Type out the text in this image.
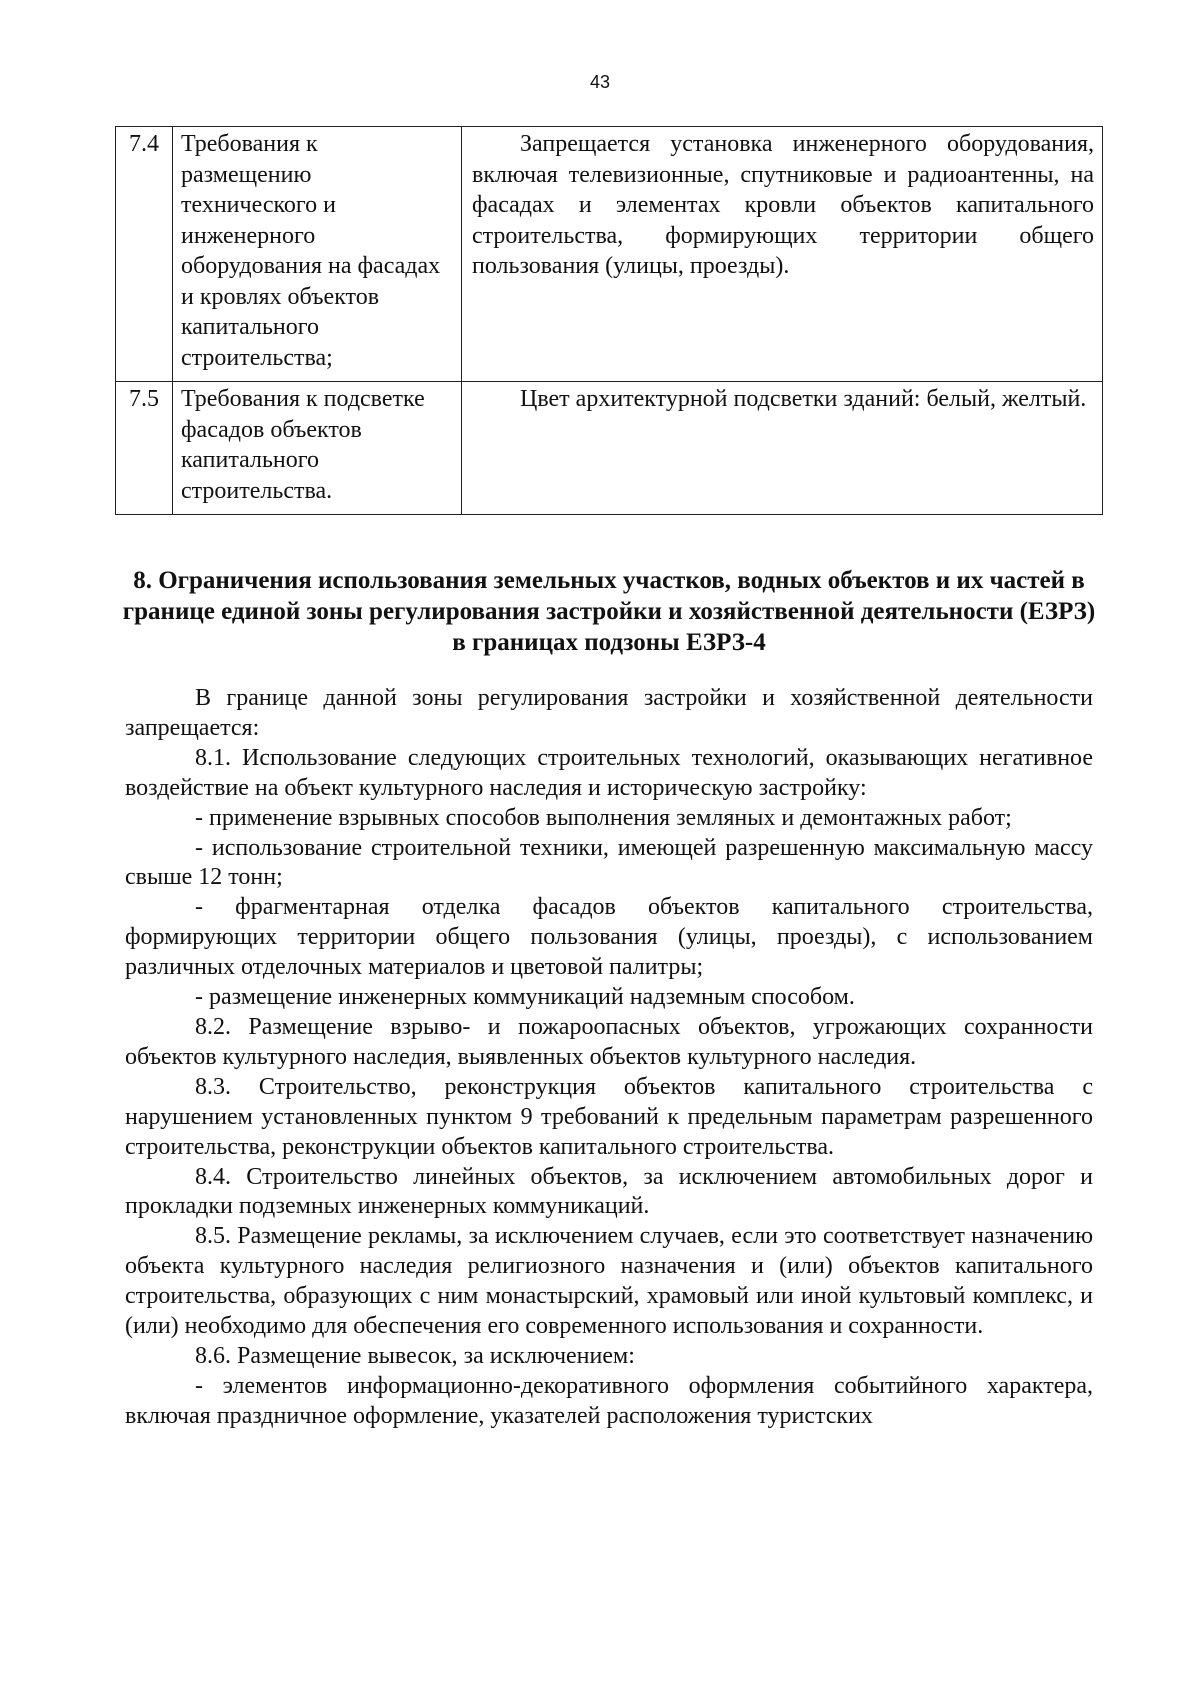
43
7.4	Требования к размещению технического и инженерного оборудования на фасадах и кровлях объектов капитального строительства;	Запрещается установка инженерного оборудования, включая телевизионные, спутниковые и радиоантенны, на фасадах и элементах кровли объектов капитального строительства, формирующих территории общего пользования (улицы, проезды).
7.5	Требования к подсветке фасадов объектов капитального строительства.	Цвет архитектурной подсветки зданий: белый, желтый.
8. Ограничения использования земельных участков, водных объектов и их частей в границе единой зоны регулирования застройки и хозяйственной деятельности (ЕЗРЗ) в границах подзоны ЕЗРЗ-4

В границе данной зоны регулирования застройки и хозяйственной деятельности запрещается:

8.1. Использование следующих строительных технологий, оказывающих негативное воздействие на объект культурного наследия и историческую застройку:

- применение взрывных способов выполнения земляных и демонтажных работ;

- использование строительной техники, имеющей разрешенную максимальную массу свыше 12 тонн;

- фрагментарная отделка фасадов объектов капитального строительства, формирующих территории общего пользования (улицы, проезды), с использованием различных отделочных материалов и цветовой палитры;

- размещение инженерных коммуникаций надземным способом.

8.2. Размещение взрыво- и пожароопасных объектов, угрожающих сохранности объектов культурного наследия, выявленных объектов культурного наследия.

8.3. Строительство, реконструкция объектов капитального строительства с нарушением установленных пунктом 9 требований к предельным параметрам разрешенного строительства, реконструкции объектов капитального строительства.

8.4. Строительство линейных объектов, за исключением автомобильных дорог и прокладки подземных инженерных коммуникаций.

8.5. Размещение рекламы, за исключением случаев, если это соответствует назначению объекта культурного наследия религиозного назначения и (или) объектов капитального строительства, образующих с ним монастырский, храмовый или иной культовый комплекс, и (или) необходимо для обеспечения его современного использования и сохранности.

8.6. Размещение вывесок, за исключением:

- элементов информационно-декоративного оформления событийного характера, включая праздничное оформление, указателей расположения туристских
